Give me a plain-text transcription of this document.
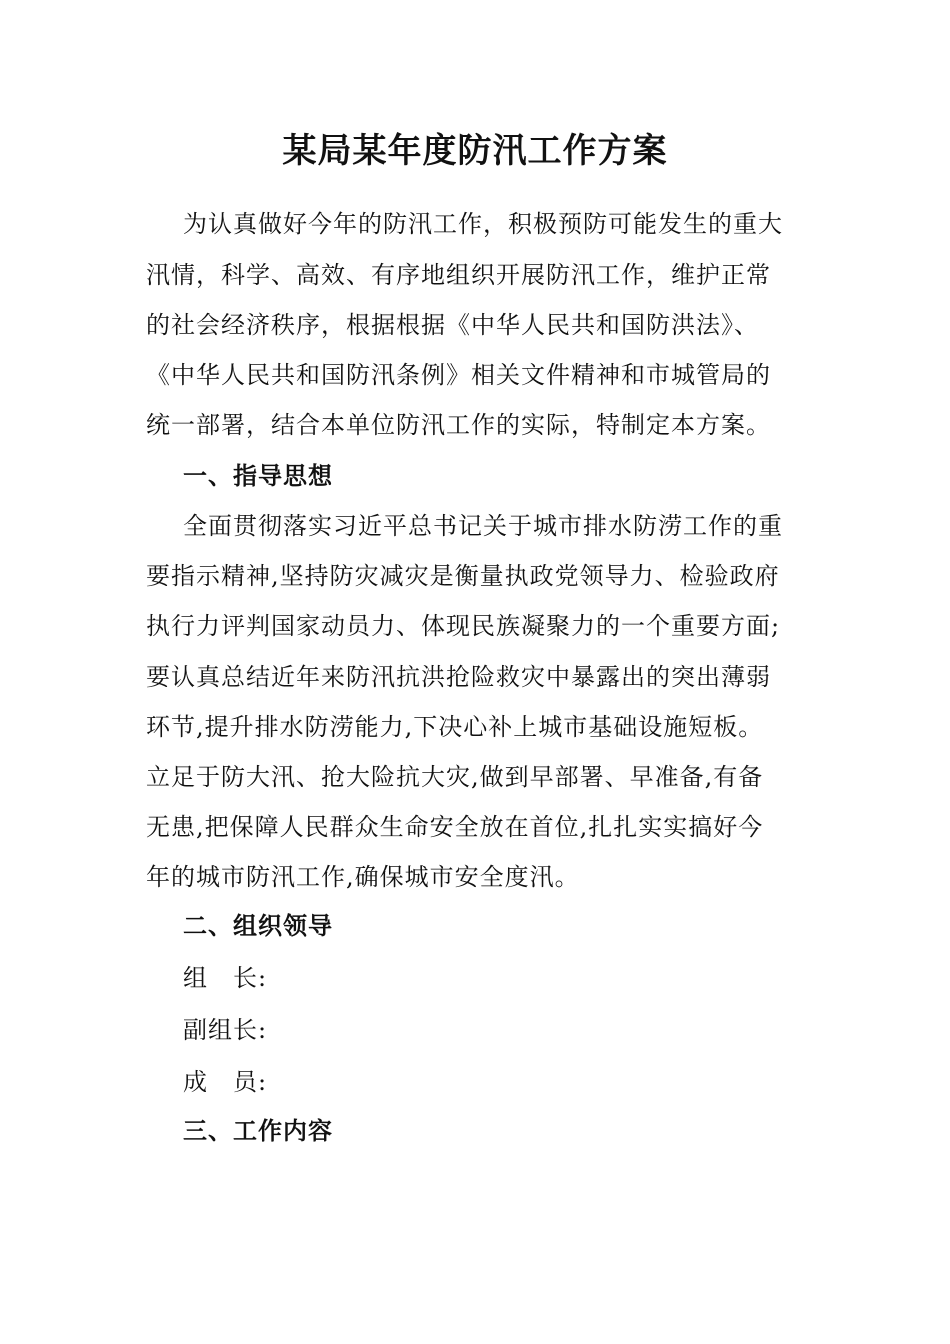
某局某年度防汛工作方案

为认真做好今年的防汛工作，积极预防可能发生的重大

汛情，科学、高效、有序地组织开展防汛工作，维护正常

的社会经济秩序，根据根据《中华人民共和国防洪法》、

《中华人民共和国防汛条例》相关文件精神和市城管局的

统一部署，结合本单位防汛工作的实际，特制定本方案。

一、指导思想

全面贯彻落实习近平总书记关于城市排水防涝工作的重

要指示精神,坚持防灾减灾是衡量执政党领导力、检验政府

执行力评判国家动员力、体现民族凝聚力的一个重要方面;

要认真总结近年来防汛抗洪抢险救灾中暴露出的突出薄弱

环节,提升排水防涝能力,下决心补上城市基础设施短板。

立足于防大汛、抢大险抗大灾,做到早部署、早准备,有备

无患,把保障人民群众生命安全放在首位,扎扎实实搞好今

年的城市防汛工作,确保城市安全度汛。

二、组织领导

组　长:

副组长:

成　员:

三、工作内容
